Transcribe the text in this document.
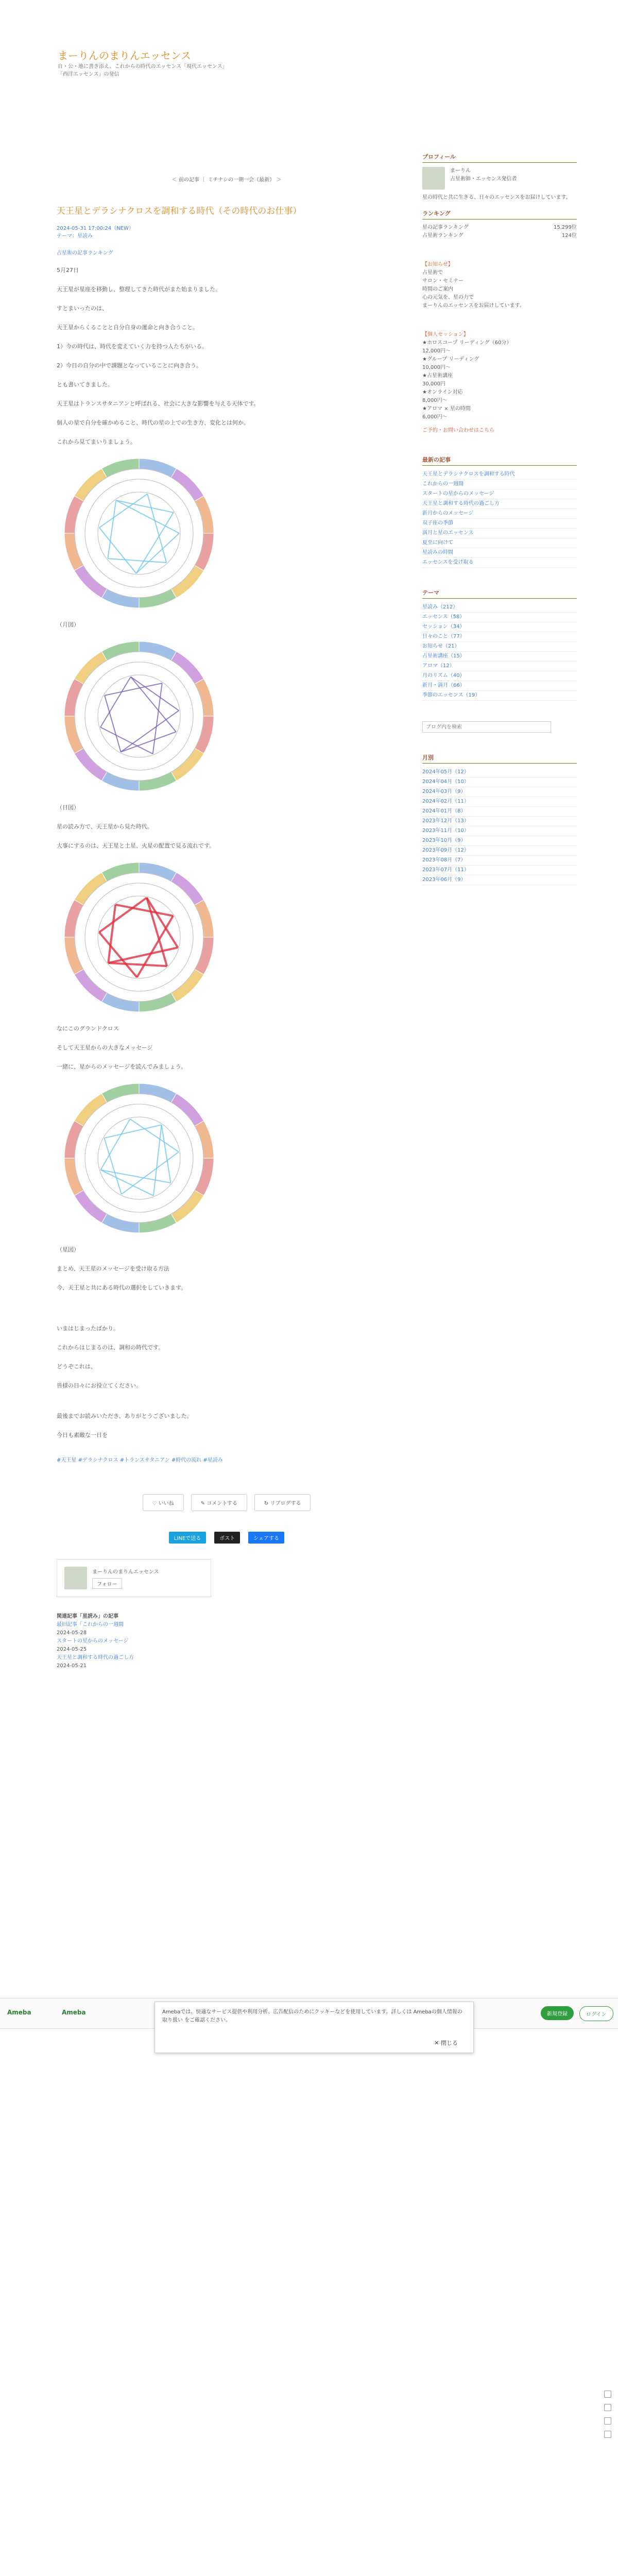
まーりんのまりんエッセンス
自・公・地に書き添え、これからの時代のエッセンス「現代エッセンス」「西洋エッセンス」の発信
＜ 前の記事 ｜ ミチナシの一期一会（最新） ＞
天王星とデラシナクロスを調和する時代（その時代のお仕事）
2024-05-31 17:00:24（NEW）
テーマ：星読み
占星術の記事ランキング

5月27日

天王星が星座を移動し、整理してきた時代がまた始まりました。

すとまいったのは、

天王星からくることと自分自身の運命と向き合うこと。

1）今の時代は、時代を変えていく力を持つ人たちがいる。

2）今日の自分の中で課題となっていることに向き合う。

とも書いてきました。

天王星はトランスサタニアンと呼ばれる、社会に大きな影響を与える天体です。

個人の星で自分を確かめること、時代の星の上での生き方、変化とは何か。

これから見てまいりましょう。

（月図）

（日図）

星の読み方で、天王星から見た時代。

大事にするのは、天王星と土星、火星の配置で見る流れです。

なにこのグランドクロス

そして天王星からの大きなメッセージ

一緒に、星からのメッセージを読んでみましょう。

（星図）

まとめ、天王星のメッセージを受け取る方法

今、天王星と共にある時代の選択をしていきます。

いまはじまったばかり。

これからはじまるのは、調和の時代です。

どうぞこれは、

皆様の日々にお役立てください。

最後までお読みいただき、ありがとうございました。

今日も素敵な一日を

#天王星 #デラシナクロス #トランスサタニアン #時代の流れ #星読み
♡ いいね	✎ コメントする	↻ リブログする
LINEで送る	ポスト	シェアする
まーりんのまりんエッセンス
フォロー
関連記事「星読み」の記事
最旧記事「これからの一週間
2024-05-28
スタートの星からのメッセージ
2024-05-25
天王星と調和する時代の過ごし方
2024-05-21
プロフィール
まーりん
占星術師・エッセンス発信者
星の時代と共に生きる、日々のエッセンスをお届けしています。
ランキング
星の記事ランキング	15,299位
占星術ランキング	124位
【お知らせ】
占星術で
サロン・セミナー
時間のご案内
心の元気を、星の力で
まーりんのエッセンスをお届けしています。
【個人セッション】
★ホロスコープ リーディング（60分）
12,000円〜
★グループ リーディング
10,000円〜
★占星術講座
30,000円
★オンライン対応
8,000円〜
★アロマ × 星の時間
6,000円〜
ご予約・お問い合わせはこちら
最新の記事
天王星とデラシナクロスを調和する時代
これからの一週間
スタートの星からのメッセージ
天王星と調和する時代の過ごし方
新月からのメッセージ
双子座の季節
満月と星のエッセンス
夏至に向けて
星読みの時間
エッセンスを受け取る
テーマ
星読み（212）
エッセンス（58）
セッション（34）
日々のこと（77）
お知らせ（21）
占星術講座（15）
アロマ（12）
月のリズム（40）
新月・満月（66）
季節のエッセンス（19）
ブログ内を検索
月別
2024年05月（12）
2024年04月（10）
2024年03月（9）
2024年02月（11）
2024年01月（8）
2023年12月（13）
2023年11月（10）
2023年10月（9）
2023年09月（12）
2023年08月（7）
2023年07月（11）
2023年06月（9）
Ameba	Ameba	新規登録	ログイン
Amebaでは、快適なサービス提供や利用分析、広告配信のためにクッキーなどを使用しています。詳しくは Amebaの個人情報の取り扱い をご確認ください。
✕ 閉じる
